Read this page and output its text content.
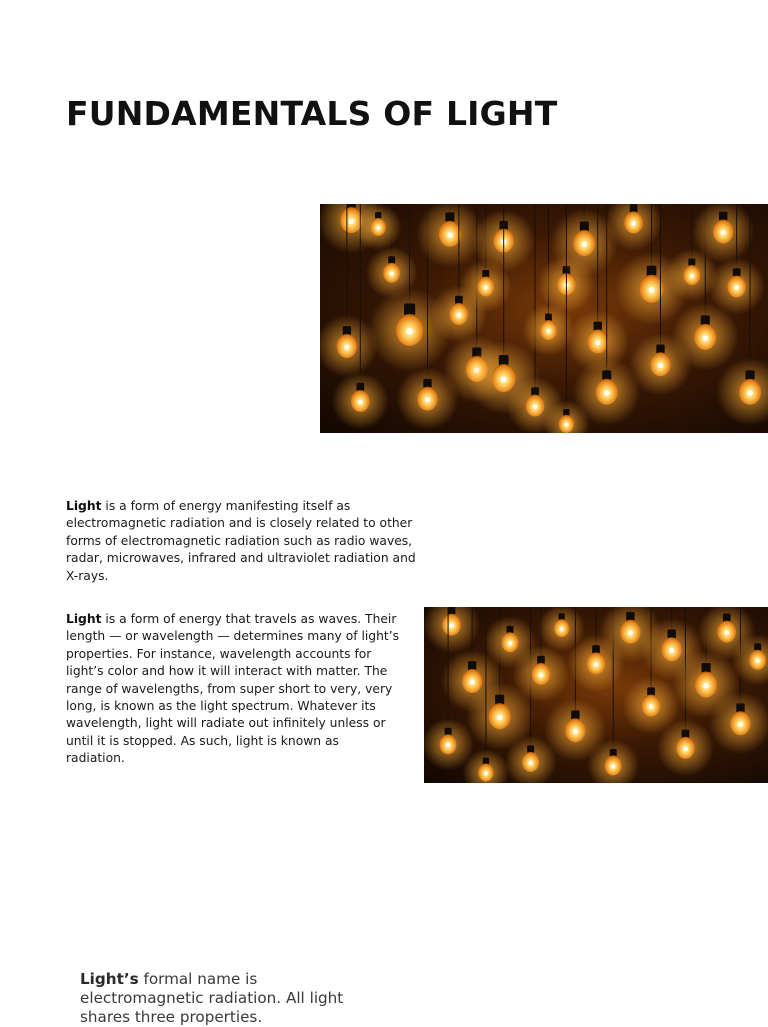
FUNDAMENTALS OF LIGHT

Light is a form of energy manifesting itself as electromagnetic radiation and is closely related to other forms of electromagnetic radiation such as radio waves, radar, microwaves, infrared and ultraviolet radiation and X-rays.

Light is a form of energy that travels as waves. Their length — or wavelength — determines many of light’s properties. For instance, wavelength accounts for light’s color and how it will interact with matter. The range of wavelengths, from super short to very, very long, is known as the light spectrum. Whatever its wavelength, light will radiate out infinitely unless or until it is stopped. As such, light is known as radiation.

Light’s formal name is electromagnetic radiation. All light shares three properties.
